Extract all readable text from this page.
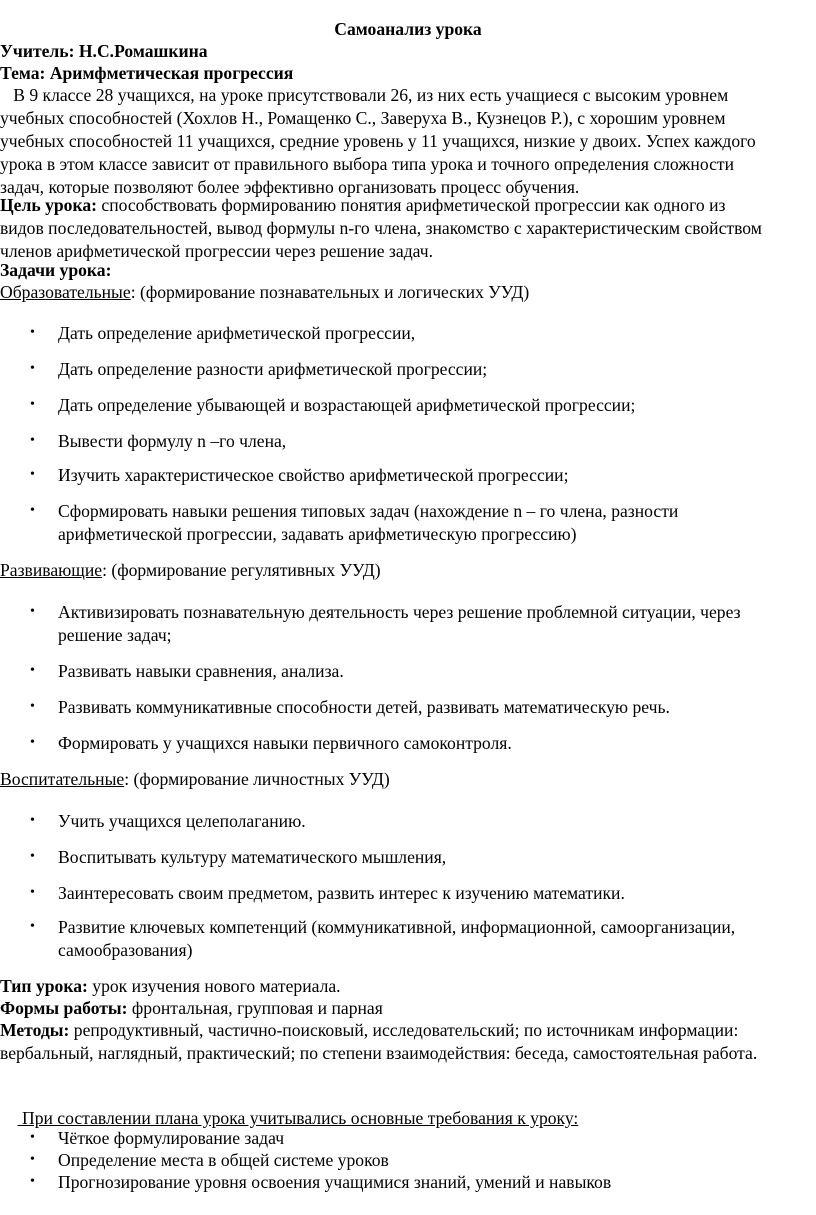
Самоанализ урока
Учитель: Н.С.Ромашкина
Тема: Аримфметическая прогрессия
В 9 классе 28 учащихся, на уроке присутствовали 26, из них есть учащиеся с высоким уровнем
учебных способностей (Хохлов Н., Ромащенко С., Заверуха В., Кузнецов Р.), с хорошим уровнем
учебных способностей 11 учащихся, средние уровень у 11 учащихся, низкие у двоих. Успех каждого
урока в этом классе зависит от правильного выбора типа урока и точного определения сложности
задач, которые позволяют более эффективно организовать процесс обучения.
Цель урока: способствовать формированию понятия арифметической прогрессии как одного из
видов последовательностей, вывод формулы n-го члена, знакомство с характеристическим свойством
членов арифметической прогрессии через решение задач.
Задачи урока:
Образовательные: (формирование познавательных и логических УУД)
• Дать определение арифметической прогрессии,
• Дать определение разности арифметической прогрессии;
• Дать определение убывающей и возрастающей арифметической прогрессии;
• Вывести формулу n –го члена,
• Изучить характеристическое свойство арифметической прогрессии;
• Сформировать навыки решения типовых задач (нахождение n – го члена, разности арифметической прогрессии, задавать арифметическую прогрессию)
Развивающие: (формирование регулятивных УУД)
• Активизировать познавательную деятельность через решение проблемной ситуации, через решение задач;
• Развивать навыки сравнения, анализа.
• Развивать коммуникативные способности детей, развивать математическую речь.
• Формировать у учащихся навыки первичного самоконтроля.
Воспитательные: (формирование личностных УУД)
• Учить учащихся целеполаганию.
• Воспитывать культуру математического мышления,
• Заинтересовать своим предметом, развить интерес к изучению математики.
• Развитие ключевых компетенций (коммуникативной, информационной, самоорганизации, самообразования)
Тип урока: урок изучения нового материала.
Формы работы: фронтальная, групповая и парная
Методы: репродуктивный, частично-поисковый, исследовательский; по источникам информации:
вербальный, наглядный, практический; по степени взаимодействия: беседа, самостоятельная работа.

При составлении плана урока учитывались основные требования к уроку:

• Чёткое формулирование задач
• Определение места в общей системе уроков
• Прогнозирование уровня освоения учащимися знаний, умений и навыков
